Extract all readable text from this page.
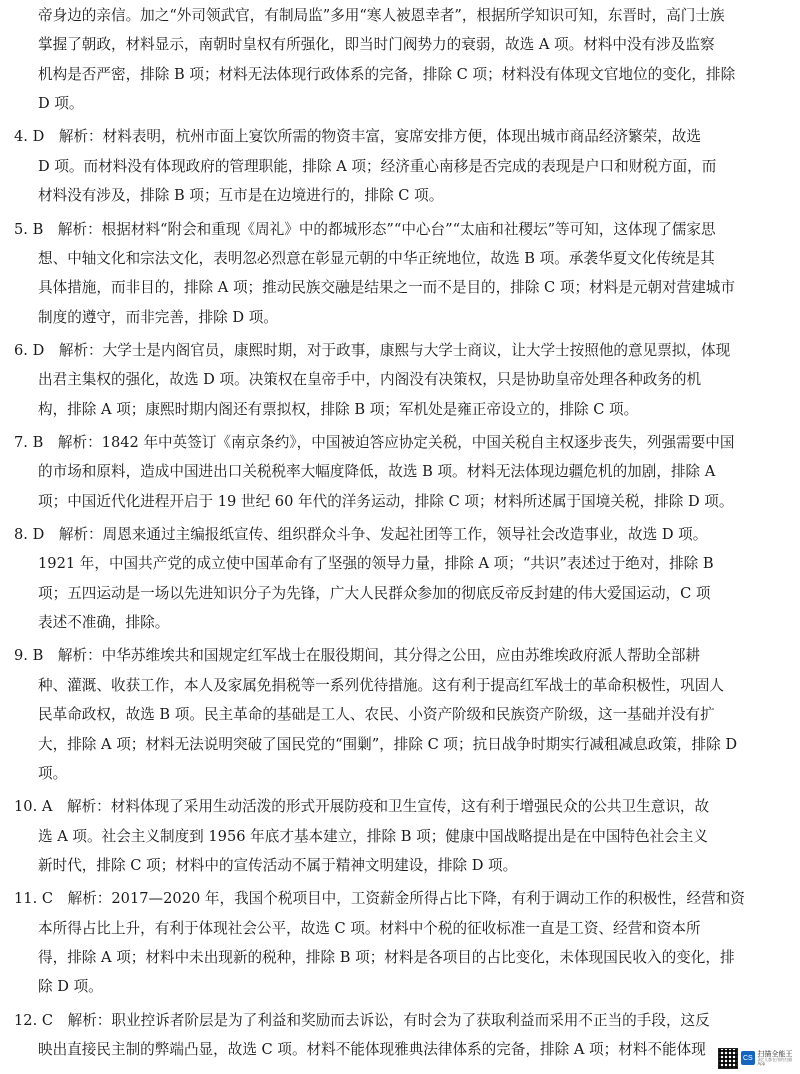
帝身边的亲信。加之“外司领武官，有制局监”多用“寒人被恩幸者”，根据所学知识可知，东晋时，高门士族

掌握了朝政，材料显示，南朝时皇权有所强化，即当时门阀势力的衰弱，故选 A 项。材料中没有涉及监察

机构是否严密，排除 B 项；材料无法体现行政体系的完备，排除 C 项；材料没有体现文官地位的变化，排除

D 项。

4. D　解析：材料表明，杭州市面上宴饮所需的物资丰富，宴席安排方便，体现出城市商品经济繁荣，故选

D 项。而材料没有体现政府的管理职能，排除 A 项；经济重心南移是否完成的表现是户口和财税方面，而

材料没有涉及，排除 B 项；互市是在边境进行的，排除 C 项。

5. B　解析：根据材料“附会和重现《周礼》中的都城形态”“中心台”“太庙和社稷坛”等可知，这体现了儒家思

想、中轴文化和宗法文化，表明忽必烈意在彰显元朝的中华正统地位，故选 B 项。承袭华夏文化传统是其

具体措施，而非目的，排除 A 项；推动民族交融是结果之一而不是目的，排除 C 项；材料是元朝对营建城市

制度的遵守，而非完善，排除 D 项。

6. D　解析：大学士是内阁官员，康熙时期，对于政事，康熙与大学士商议，让大学士按照他的意见票拟，体现

出君主集权的强化，故选 D 项。决策权在皇帝手中，内阁没有决策权，只是协助皇帝处理各种政务的机

构，排除 A 项；康熙时期内阁还有票拟权，排除 B 项；军机处是雍正帝设立的，排除 C 项。

7. B　解析：1842 年中英签订《南京条约》，中国被迫答应协定关税，中国关税自主权逐步丧失，列强需要中国

的市场和原料，造成中国进出口关税税率大幅度降低，故选 B 项。材料无法体现边疆危机的加剧，排除 A

项；中国近代化进程开启于 19 世纪 60 年代的洋务运动，排除 C 项；材料所述属于国境关税，排除 D 项。

8. D　解析：周恩来通过主编报纸宣传、组织群众斗争、发起社团等工作，领导社会改造事业，故选 D 项。

1921 年，中国共产党的成立使中国革命有了坚强的领导力量，排除 A 项；“共识”表述过于绝对，排除 B

项；五四运动是一场以先进知识分子为先锋，广大人民群众参加的彻底反帝反封建的伟大爱国运动，C 项

表述不准确，排除。

9. B　解析：中华苏维埃共和国规定红军战士在服役期间，其分得之公田，应由苏维埃政府派人帮助全部耕

种、灌溉、收获工作，本人及家属免捐税等一系列优待措施。这有利于提高红军战士的革命积极性，巩固人

民革命政权，故选 B 项。民主革命的基础是工人、农民、小资产阶级和民族资产阶级，这一基础并没有扩

大，排除 A 项；材料无法说明突破了国民党的“围剿”，排除 C 项；抗日战争时期实行减租减息政策，排除 D

项。

10. A　解析：材料体现了采用生动活泼的形式开展防疫和卫生宣传，这有利于增强民众的公共卫生意识，故

选 A 项。社会主义制度到 1956 年底才基本建立，排除 B 项；健康中国战略提出是在中国特色社会主义

新时代，排除 C 项；材料中的宣传活动不属于精神文明建设，排除 D 项。

11. C　解析：2017—2020 年，我国个税项目中，工资薪金所得占比下降，有利于调动工作的积极性，经营和资

本所得占比上升，有利于体现社会公平，故选 C 项。材料中个税的征收标准一直是工资、经营和资本所

得，排除 A 项；材料中未出现新的税种，排除 B 项；材料是各项目的占比变化，未体现国民收入的变化，排

除 D 项。

12. C　解析：职业控诉者阶层是为了利益和奖励而去诉讼，有时会为了获取利益而采用不正当的手段，这反

映出直接民主制的弊端凸显，故选 C 项。材料不能体现雅典法律体系的完备，排除 A 项；材料不能体现	CS
扫描全能王
3亿人都在用的扫描App
